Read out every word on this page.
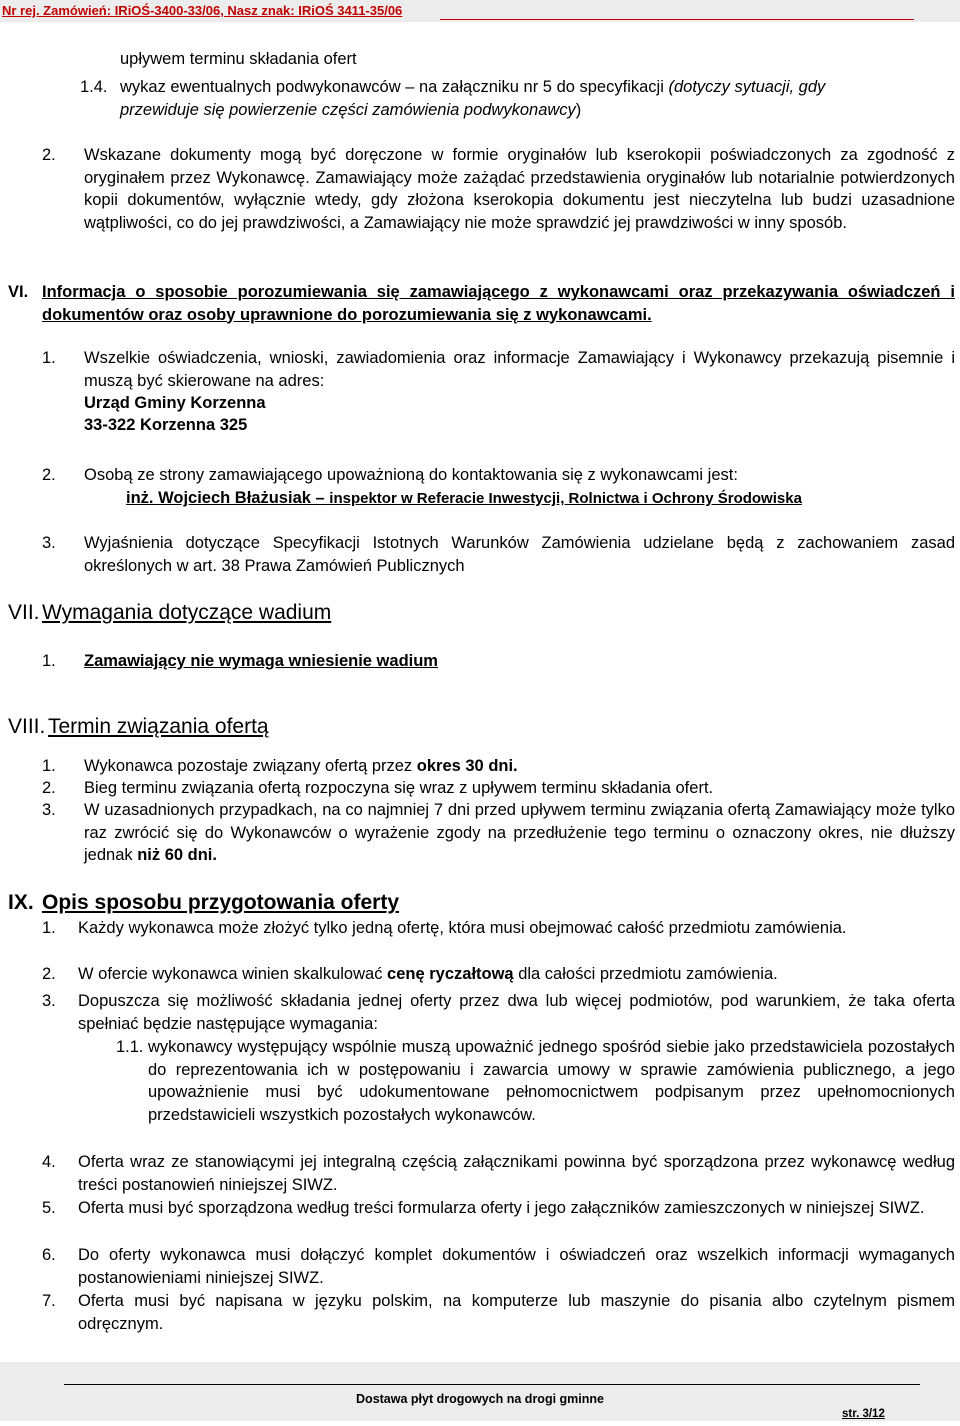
Nr rej. Zamówień: IRiOŚ-3400-33/06, Nasz znak: IRiOŚ 3411-35/06
upływem terminu składania ofert
1.4. wykaz ewentualnych podwykonawców – na załączniku nr 5 do specyfikacji (dotyczy sytuacji, gdy
przewiduje się powierzenie części zamówienia podwykonawcy)
2. Wskazane dokumenty mogą być doręczone w formie oryginałów lub kserokopii poświadczonych za zgodność z oryginałem przez Wykonawcę. Zamawiający może zażądać przedstawienia oryginałów lub notarialnie potwierdzonych kopii dokumentów, wyłącznie wtedy, gdy złożona kserokopia dokumentu jest nieczytelna lub budzi uzasadnione wątpliwości, co do jej prawdziwości, a Zamawiający nie może sprawdzić jej prawdziwości w inny sposób.
VI. Informacja o sposobie porozumiewania się zamawiającego z wykonawcami oraz przekazywania oświadczeń i dokumentów oraz osoby uprawnione do porozumiewania się z wykonawcami.
1. Wszelkie oświadczenia, wnioski, zawiadomienia oraz informacje Zamawiający i Wykonawcy przekazują pisemnie i muszą być skierowane na adres:
Urząd Gminy Korzenna
33-322 Korzenna 325
2. Osobą ze strony zamawiającego upoważnioną do kontaktowania się z wykonawcami jest:
inż. Wojciech Błażusiak – inspektor w Referacie Inwestycji, Rolnictwa i Ochrony Środowiska
3. Wyjaśnienia dotyczące Specyfikacji Istotnych Warunków Zamówienia udzielane będą z zachowaniem zasad określonych w art. 38 Prawa Zamówień Publicznych
VII. Wymagania dotyczące wadium
1. Zamawiający nie wymaga wniesienie wadium
VIII. Termin związania ofertą
1. Wykonawca pozostaje związany ofertą przez okres 30 dni.
2. Bieg terminu związania ofertą rozpoczyna się wraz z upływem terminu składania ofert.
3. W uzasadnionych przypadkach, na co najmniej 7 dni przed upływem terminu związania ofertą Zamawiający może tylko raz zwrócić się do Wykonawców o wyrażenie zgody na przedłużenie tego terminu o oznaczony okres, nie dłuższy jednak niż 60 dni.
IX. Opis sposobu przygotowania oferty
1. Każdy wykonawca może złożyć tylko jedną ofertę, która musi obejmować całość przedmiotu zamówienia.
2. W ofercie wykonawca winien skalkulować cenę ryczałtową dla całości przedmiotu zamówienia.
3. Dopuszcza się możliwość składania jednej oferty przez dwa lub więcej podmiotów, pod warunkiem, że taka oferta spełniać będzie następujące wymagania:
1.1. wykonawcy występujący wspólnie muszą upoważnić jednego spośród siebie jako przedstawiciela pozostałych do reprezentowania ich w postępowaniu i zawarcia umowy w sprawie zamówienia publicznego, a jego upoważnienie musi być udokumentowane pełnomocnictwem podpisanym przez upełnomocnionych przedstawicieli wszystkich pozostałych wykonawców.
4. Oferta wraz ze stanowiącymi jej integralną częścią załącznikami powinna być sporządzona przez wykonawcę według treści postanowień niniejszej SIWZ.
5. Oferta musi być sporządzona według treści formularza oferty i jego załączników zamieszczonych w niniejszej SIWZ.
6. Do oferty wykonawca musi dołączyć komplet dokumentów i oświadczeń oraz wszelkich informacji wymaganych postanowieniami niniejszej SIWZ.
7. Oferta musi być napisana w języku polskim, na komputerze lub maszynie do pisania albo czytelnym pismem odręcznym.
Dostawa płyt drogowych na drogi gminne
str. 3/12
